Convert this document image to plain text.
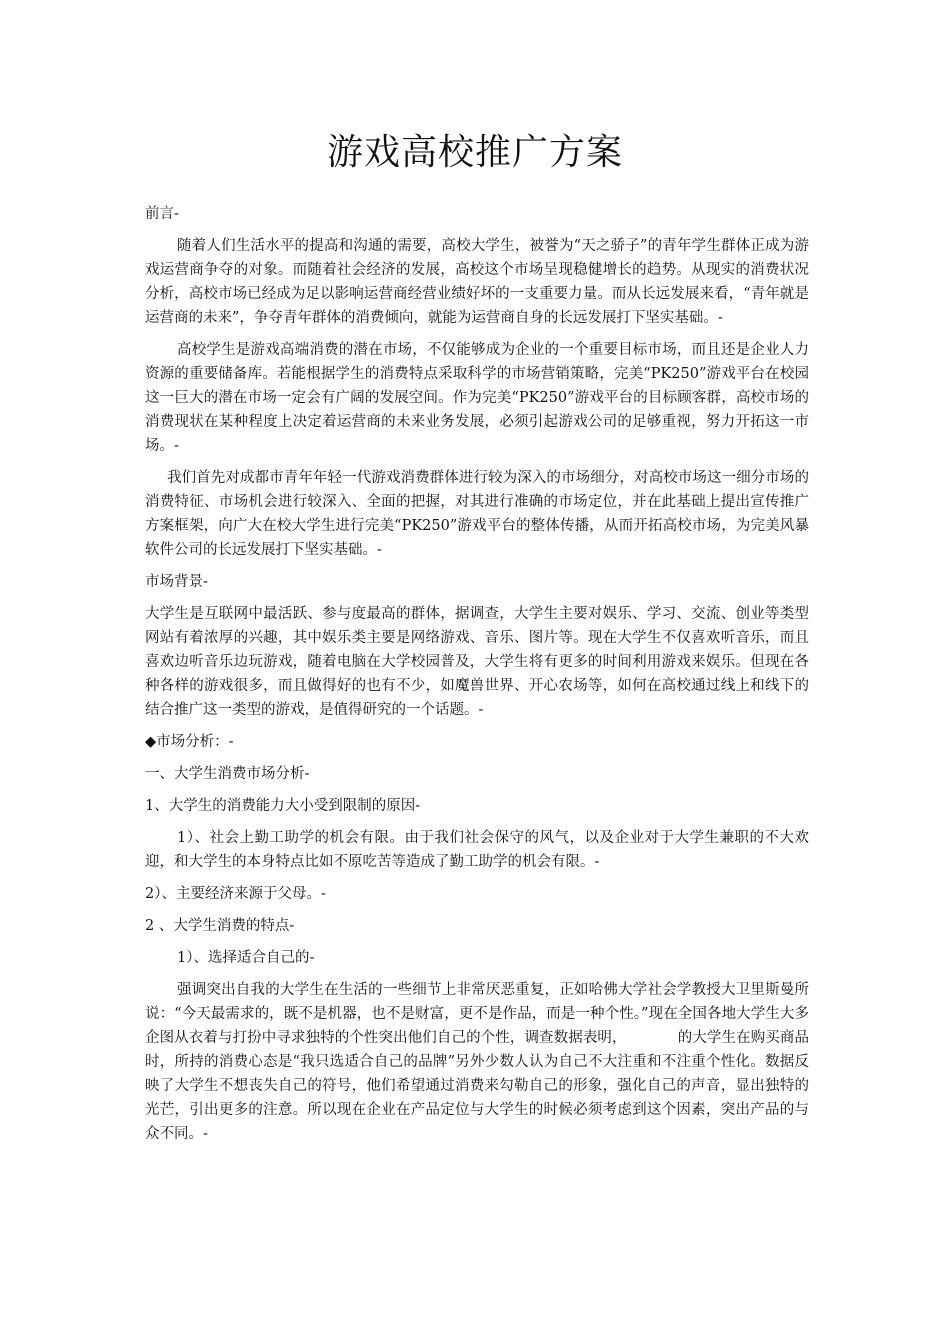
游戏高校推广方案

前言-

随着人们生活水平的提高和沟通的需要，高校大学生，被誉为“天之骄子”的青年学生群体正成为游戏运营商争夺的对象。而随着社会经济的发展，高校这个市场呈现稳健增长的趋势。从现实的消费状况分析，高校市场已经成为足以影响运营商经营业绩好坏的一支重要力量。而从长远发展来看，“青年就是运营商的未来”，争夺青年群体的消费倾向，就能为运营商自身的长远发展打下坚实基础。-

高校学生是游戏高端消费的潜在市场，不仅能够成为企业的一个重要目标市场，而且还是企业人力资源的重要储备库。若能根据学生的消费特点采取科学的市场营销策略，完美“PK250”游戏平台在校园这一巨大的潜在市场一定会有广阔的发展空间。作为完美“PK250”游戏平台的目标顾客群，高校市场的消费现状在某种程度上决定着运营商的未来业务发展，必须引起游戏公司的足够重视，努力开拓这一市场。-

我们首先对成都市青年年轻一代游戏消费群体进行较为深入的市场细分，对高校市场这一细分市场的消费特征、市场机会进行较深入、全面的把握，对其进行准确的市场定位，并在此基础上提出宣传推广方案框架，向广大在校大学生进行完美“PK250”游戏平台的整体传播，从而开拓高校市场，为完美风暴软件公司的长远发展打下坚实基础。-

市场背景-

大学生是互联网中最活跃、参与度最高的群体，据调查，大学生主要对娱乐、学习、交流、创业等类型网站有着浓厚的兴趣，其中娱乐类主要是网络游戏、音乐、图片等。现在大学生不仅喜欢听音乐，而且喜欢边听音乐边玩游戏，随着电脑在大学校园普及，大学生将有更多的时间利用游戏来娱乐。但现在各种各样的游戏很多，而且做得好的也有不少，如魔兽世界、开心农场等，如何在高校通过线上和线下的结合推广这一类型的游戏，是值得研究的一个话题。-

◆市场分析：-

一、大学生消费市场分析-

1、大学生的消费能力大小受到限制的原因-

1）、社会上勤工助学的机会有限。由于我们社会保守的风气，以及企业对于大学生兼职的不大欢迎，和大学生的本身特点比如不原吃苦等造成了勤工助学的机会有限。-

2）、主要经济来源于父母。-

2 、大学生消费的特点-

1）、选择适合自己的-

强调突出自我的大学生在生活的一些细节上非常厌恶重复，正如哈佛大学社会学教授大卫里斯曼所说：“今天最需求的，既不是机器，也不是财富，更不是作品，而是一种个性。”现在全国各地大学生大多企图从衣着与打扮中寻求独特的个性突出他们自己的个性，调查数据表明，　　　　的大学生在购买商品时，所持的消费心态是“我只选适合自己的品牌”另外少数人认为自己不大注重和不注重个性化。数据反映了大学生不想丧失自己的符号，他们希望通过消费来勾勒自己的形象，强化自己的声音，显出独特的光芒，引出更多的注意。所以现在企业在产品定位与大学生的时候必须考虑到这个因素，突出产品的与众不同。-
